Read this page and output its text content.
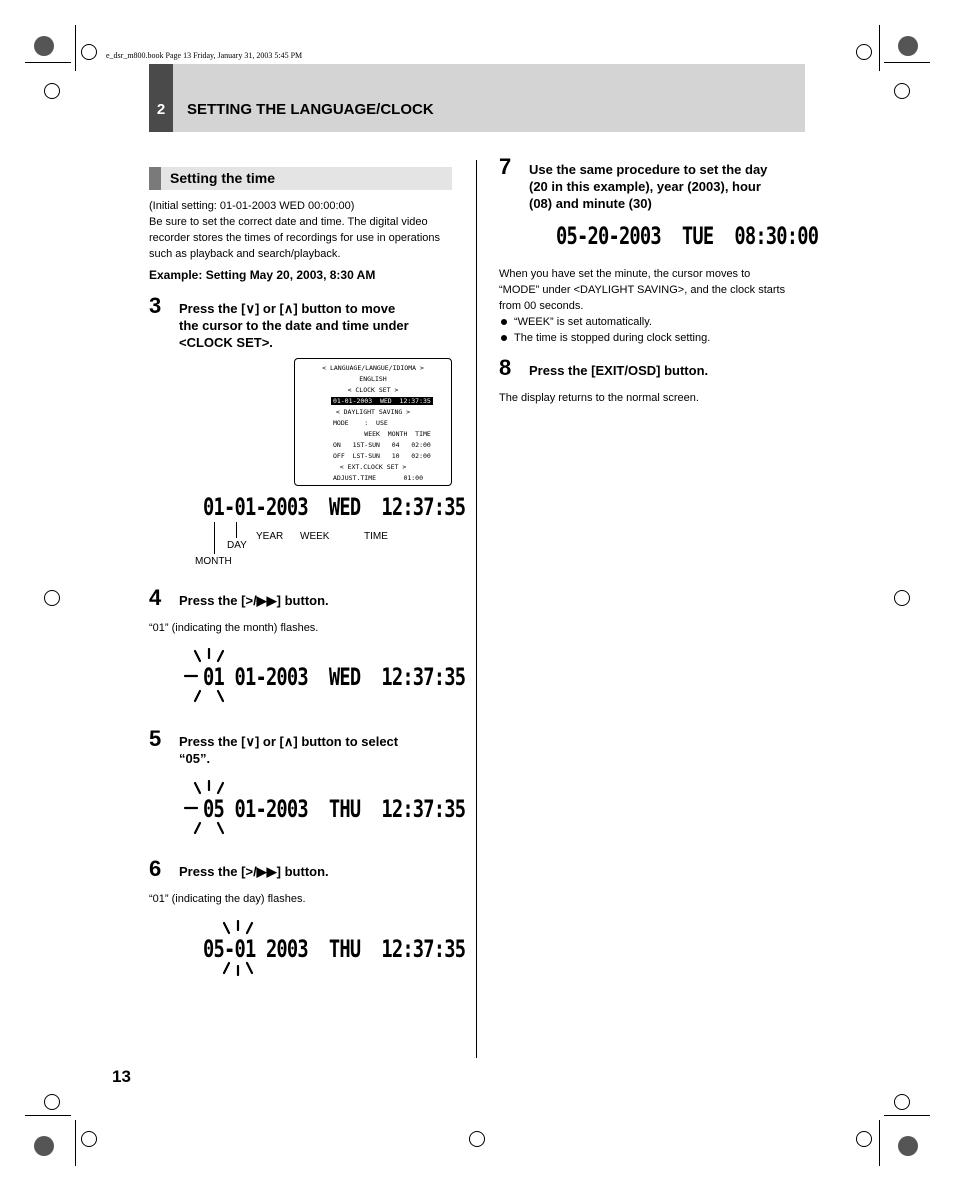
e_dsr_m800.book Page 13 Friday, January 31, 2003 5:45 PM
2	SETTING THE LANGUAGE/CLOCK
Setting the time
(Initial setting: 01-01-2003 WED 00:00:00)
Be sure to set the correct date and time. The digital video
recorder stores the times of recordings for use in operations
such as playback and search/playback.
Example: Setting May 20, 2003, 8:30 AM
3 Press the [∨] or [∧] button to move
the cursor to the date and time under
<CLOCK SET>.
< LANGUAGE/LANGUE/IDIOMA >
ENGLISH
< CLOCK SET >
01-01-2003  WED  12:37:35
< DAYLIGHT SAVING >
MODE    :  USE
WEEK  MONTH  TIME
ON   1ST-SUN   04   02:00
OFF  LST-SUN   10   02:00
< EXT.CLOCK SET >
ADJUST.TIME       01:00
01-01-2003  WED  12:37:35
MONTH
DAY
YEAR WEEK	TIME
4 Press the [>/▶▶] button.
“01” (indicating the month) flashes.
01 01-2003  WED  12:37:35
5 Press the [∨] or [∧] button to select
“05”.
05 01-2003  THU  12:37:35
6 Press the [>/▶▶] button.
“01” (indicating the day) flashes.
05-01 2003  THU  12:37:35
7 Use the same procedure to set the day
(20 in this example), year (2003), hour
(08) and minute (30)
05-20-2003  TUE  08:30:00
When you have set the minute, the cursor moves to
“MODE” under <DAYLIGHT SAVING>, and the clock starts
from 00 seconds.
“WEEK” is set automatically.
The time is stopped during clock setting.
8 Press the [EXIT/OSD] button.
The display returns to the normal screen.
13
